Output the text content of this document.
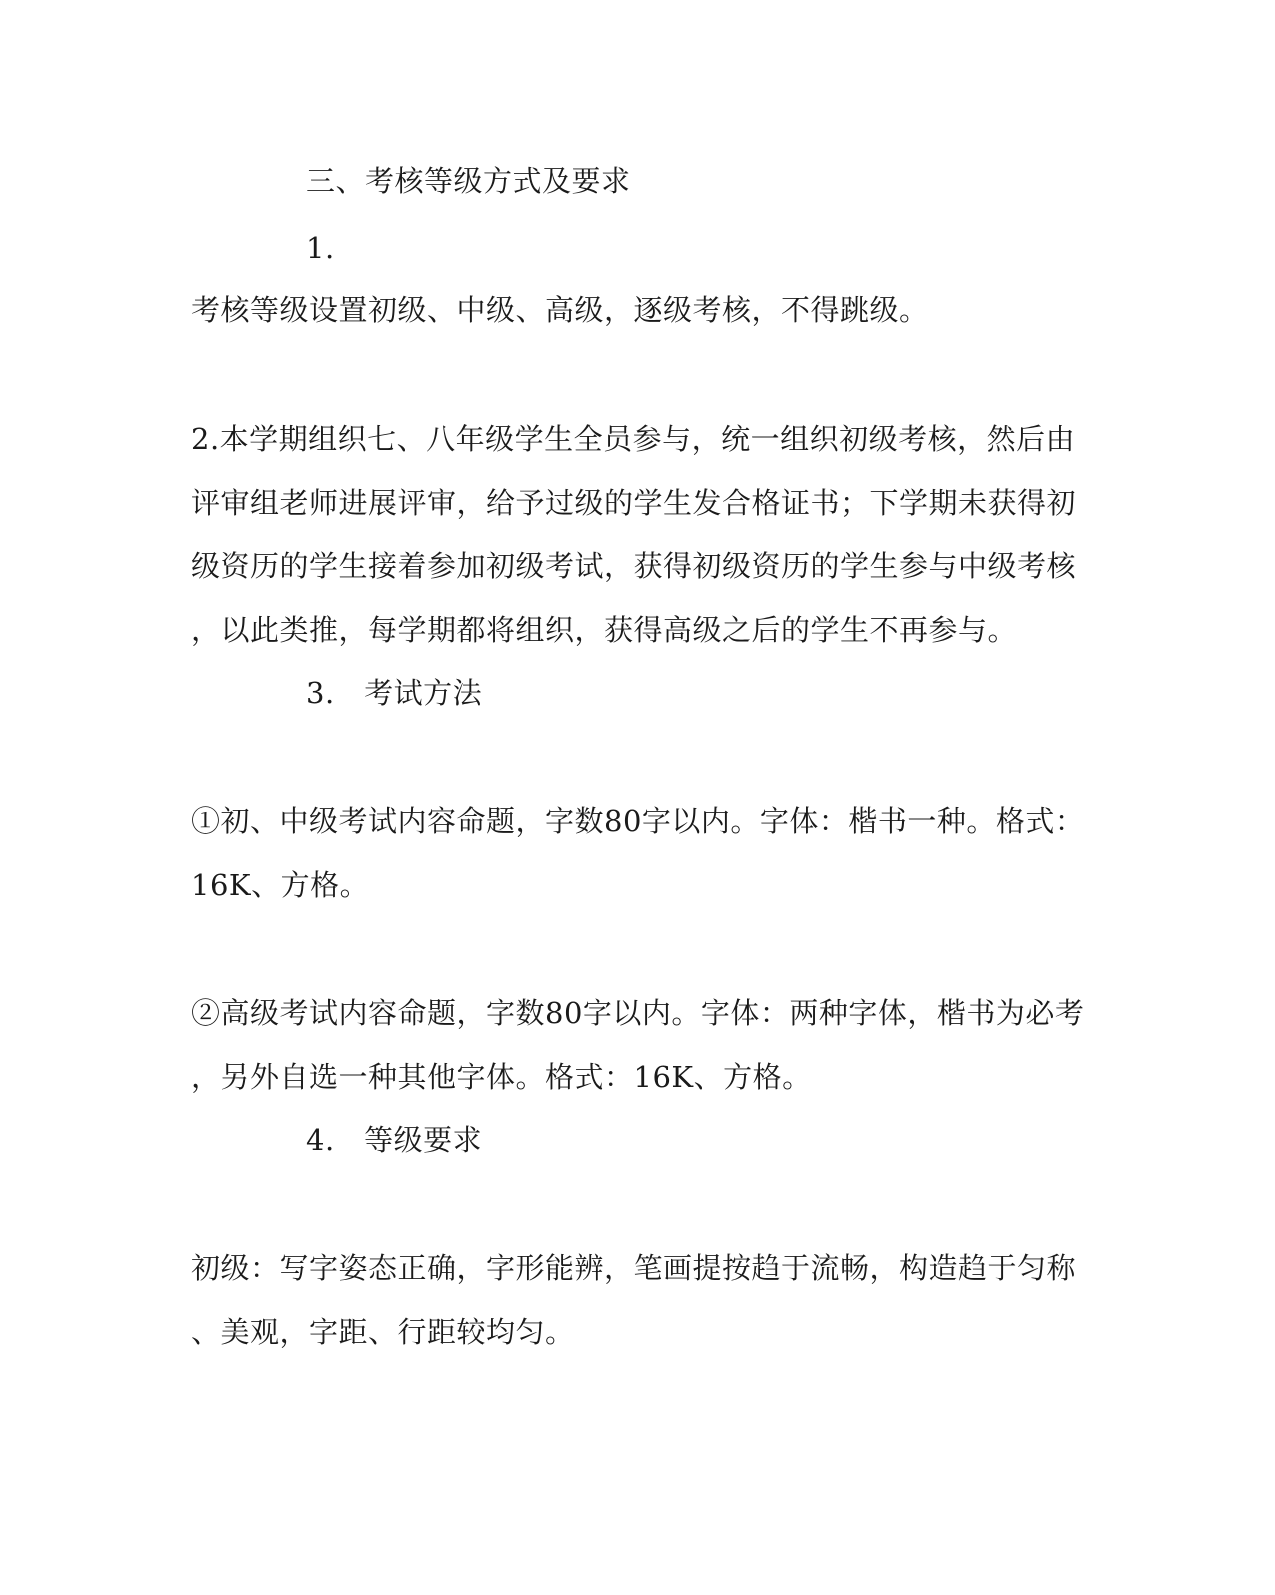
三、考核等级方式及要求
1.
考核等级设置初级、中级、高级，逐级考核，不得跳级。
2.本学期组织七、八年级学生全员参与，统一组织初级考核，然后由
评审组老师进展评审，给予过级的学生发合格证书；下学期未获得初
级资历的学生接着参加初级考试，获得初级资历的学生参与中级考核
，以此类推，每学期都将组织，获得高级之后的学生不再参与。
3.　考试方法
①初、中级考试内容命题，字数80字以内。字体：楷书一种。格式：
16K、方格。
②高级考试内容命题，字数80字以内。字体：两种字体，楷书为必考
，另外自选一种其他字体。格式：16K、方格。
4.　等级要求
初级：写字姿态正确，字形能辨，笔画提按趋于流畅，构造趋于匀称
、美观，字距、行距较均匀。
